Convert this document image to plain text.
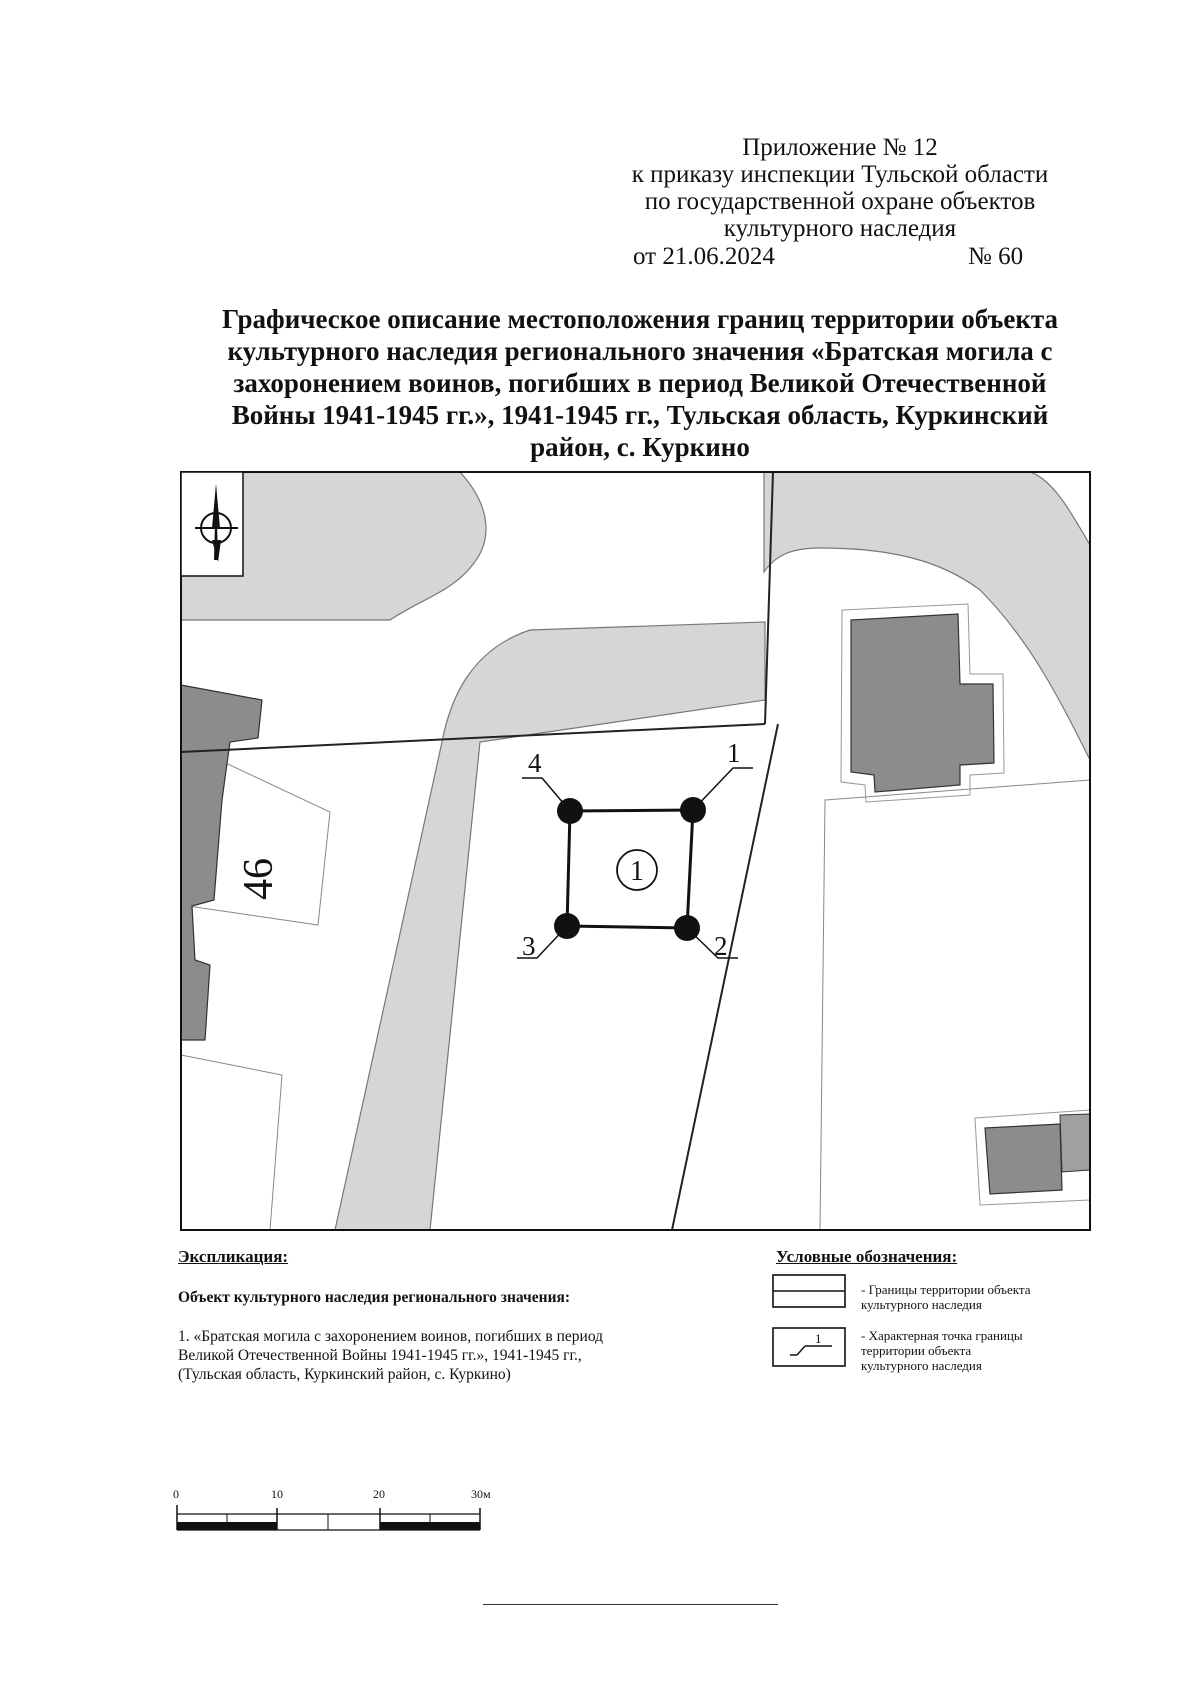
Приложение № 12
к приказу инспекции Тульской области
по государственной охране объектов
культурного наследия
от 21.06.2024	№ 60
Графическое описание местоположения границ территории объекта
культурного наследия регионального значения «Братская могила с
захоронением воинов, погибших в период Великой Отечественной
Войны 1941-1945 гг.», 1941-1945 гг., Тульская область, Куркинский
район, с. Куркино
1
2
3
4
1
46
1
Экспликация:
Объект культурного наследия регионального значения:
1. «Братская могила с захоронением воинов, погибших в период
Великой Отечественной Войны 1941-1945 гг.», 1941-1945 гг.,
(Тульская область, Куркинский район, с. Куркино)
Условные обозначения:
- Границы территории объекта
культурного наследия
- Характерная точка границы
территории объекта
культурного наследия
0	10	20	30м
